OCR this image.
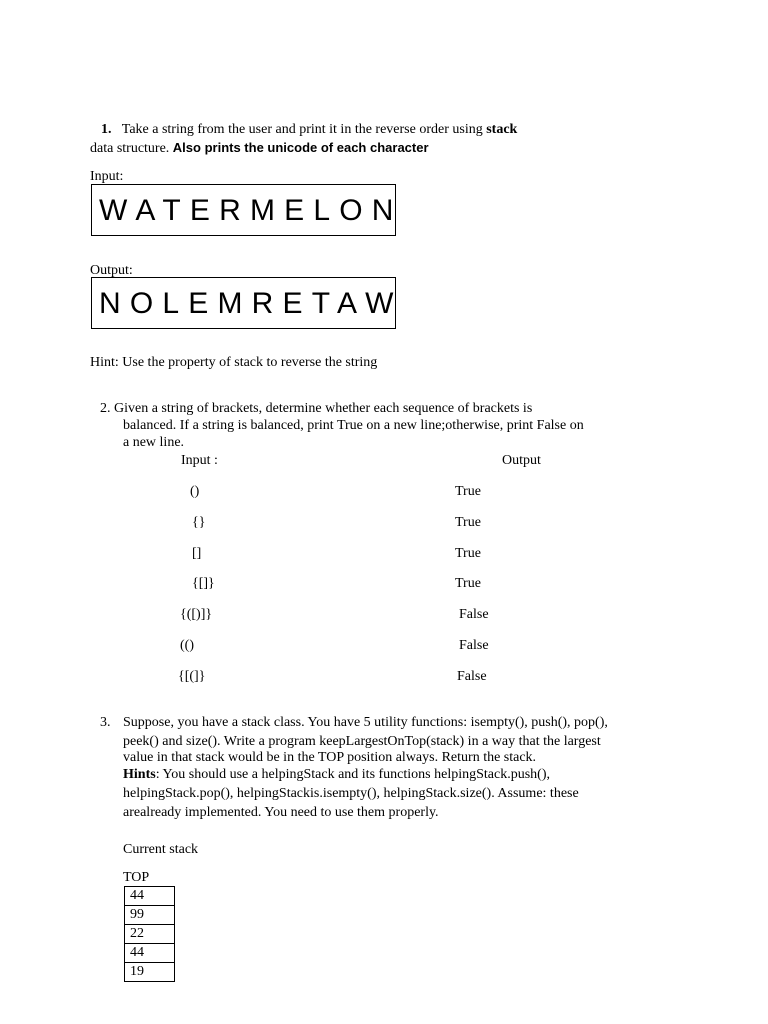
1. Take a string from the user and print it in the reverse order using stack
data structure. Also prints the unicode of each character
Input:
WATERMELON
Output:
NOLEMRETAW
Hint: Use the property of stack to reverse the string
2. Given a string of brackets, determine whether each sequence of brackets is
balanced. If a string is balanced, print True on a new line;otherwise, print False on
a new line.
Input :	Output
()	True
{}	True
[]	True
{[]}	True
{([)]}	False
(()	False
{[(]}	False
3. Suppose, you have a stack class. You have 5 utility functions: isempty(), push(), pop(),
peek() and size(). Write a program keepLargestOnTop(stack) in a way that the largest
value in that stack would be in the TOP position always. Return the stack.
Hints: You should use a helpingStack and its functions helpingStack.push(),
helpingStack.pop(), helpingStackis.isempty(), helpingStack.size(). Assume: these
arealready implemented. You need to use them properly.
Current stack
TOP
44
99
22
44
19
